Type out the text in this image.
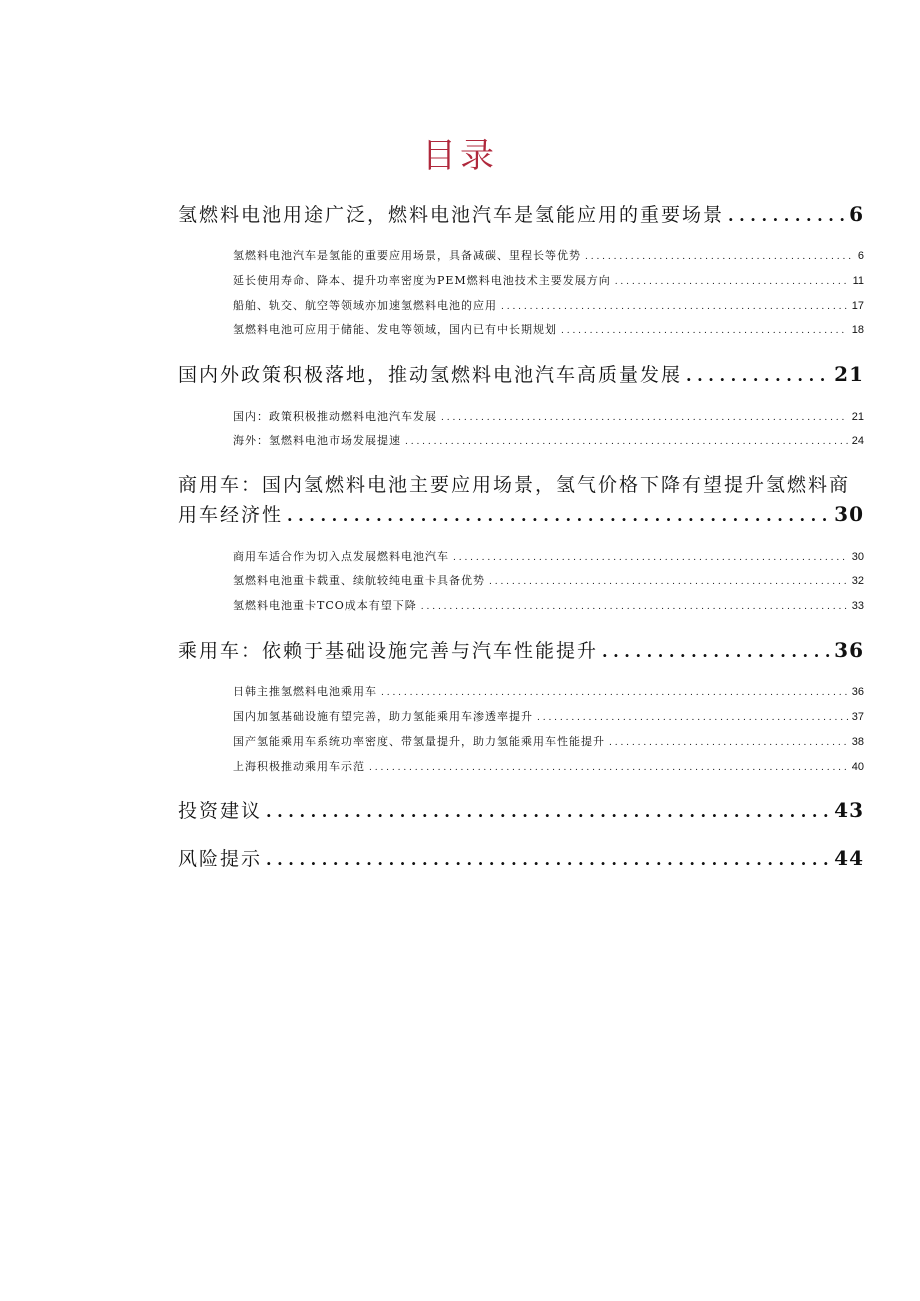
目录
氢燃料电池用途广泛，燃料电池汽车是氢能应用的重要场景 . . .	6
氢燃料电池汽车是氢能的重要应用场景，具备减碳、里程长等优势 . . .	6
延长使用寿命、降本、提升功率密度为PEM燃料电池技术主要发展方向 . . .	11
船舶、轨交、航空等领域亦加速氢燃料电池的应用 . . .	17
氢燃料电池可应用于储能、发电等领域，国内已有中长期规划 . . .	18
国内外政策积极落地，推动氢燃料电池汽车高质量发展 . . .	21
国内：政策积极推动燃料电池汽车发展 . . .	21
海外：氢燃料电池市场发展提速 . . .	24
商用车：国内氢燃料电池主要应用场景，氢气价格下降有望提升氢燃料商
用车经济性 . . .	30
商用车适合作为切入点发展燃料电池汽车 . . .	30
氢燃料电池重卡载重、续航较纯电重卡具备优势 . . .	32
氢燃料电池重卡TCO成本有望下降 . . .	33
乘用车：依赖于基础设施完善与汽车性能提升 . . .	36
日韩主推氢燃料电池乘用车 . . .	36
国内加氢基础设施有望完善，助力氢能乘用车渗透率提升 . . .	37
国产氢能乘用车系统功率密度、带氢量提升，助力氢能乘用车性能提升 . . .	38
上海积极推动乘用车示范 . . .	40
投资建议 . . .	43
风险提示 . . .	44
